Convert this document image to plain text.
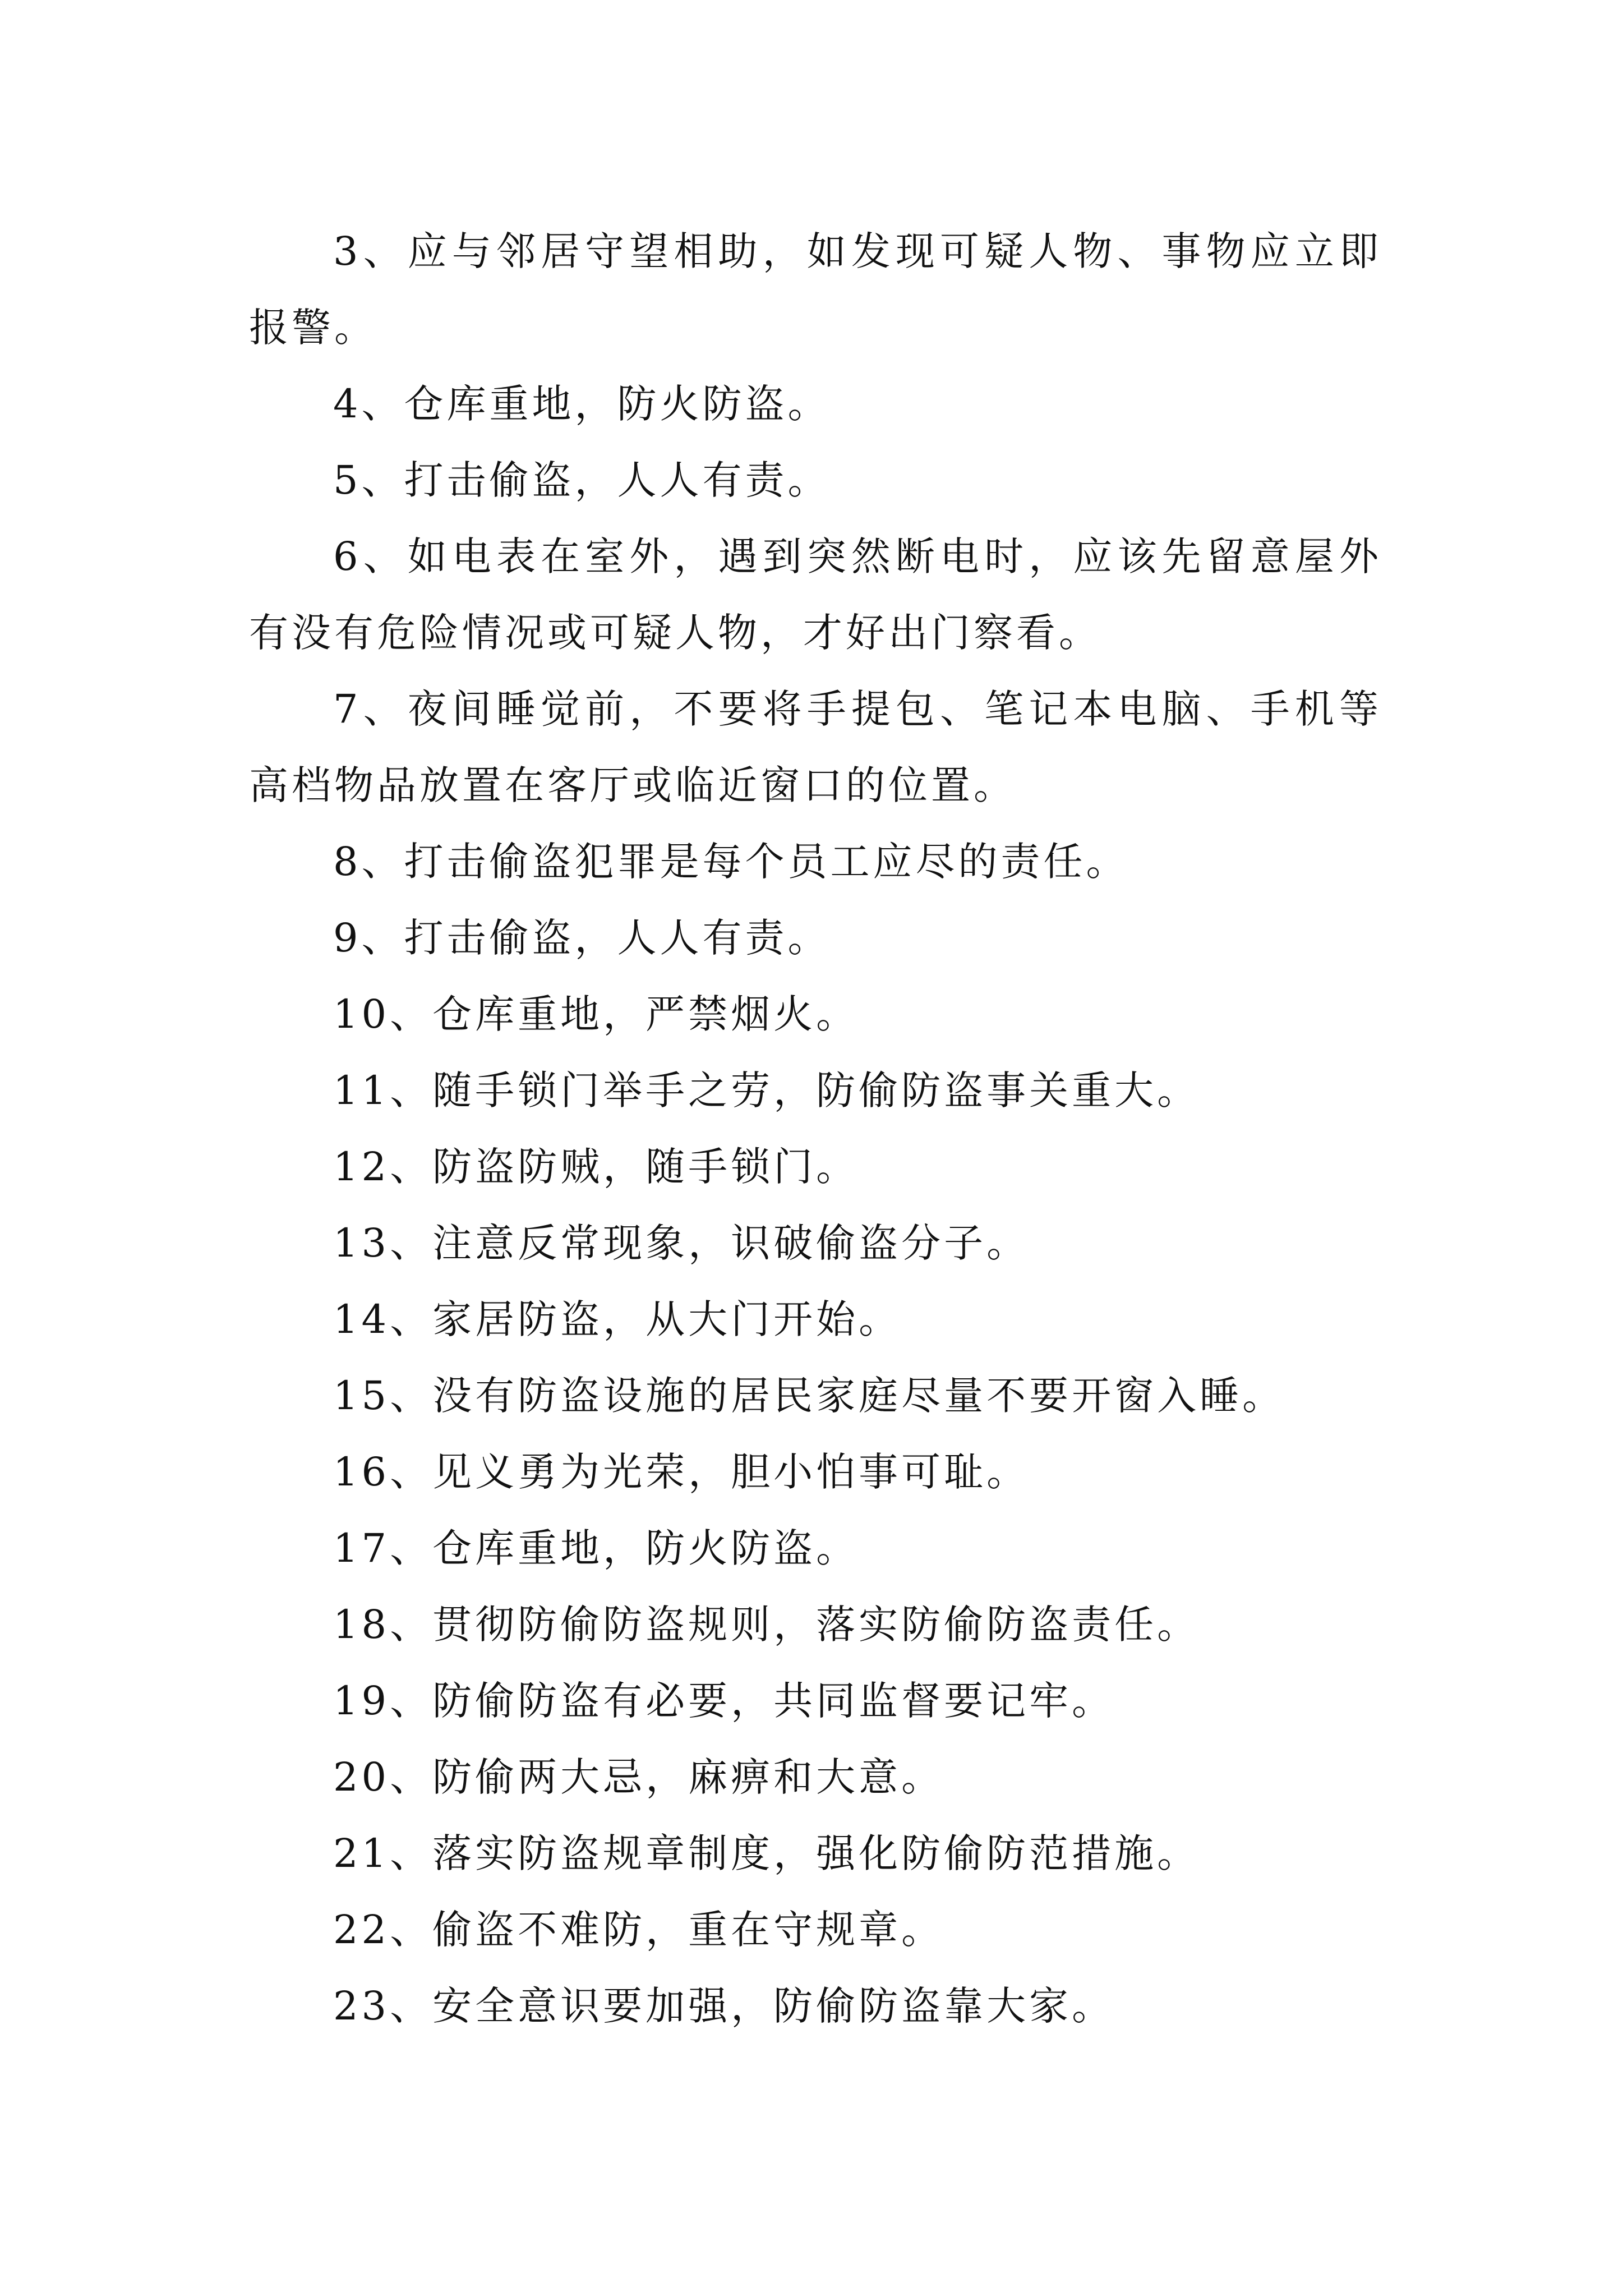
3、应与邻居守望相助，如发现可疑人物、事物应立即报警。

4、仓库重地，防火防盗。

5、打击偷盗，人人有责。

6、如电表在室外，遇到突然断电时，应该先留意屋外有没有危险情况或可疑人物，才好出门察看。

7、夜间睡觉前，不要将手提包、笔记本电脑、手机等高档物品放置在客厅或临近窗口的位置。

8、打击偷盗犯罪是每个员工应尽的责任。

9、打击偷盗，人人有责。

10、仓库重地，严禁烟火。

11、随手锁门举手之劳，防偷防盗事关重大。

12、防盗防贼，随手锁门。

13、注意反常现象，识破偷盗分子。

14、家居防盗，从大门开始。

15、没有防盗设施的居民家庭尽量不要开窗入睡。

16、见义勇为光荣，胆小怕事可耻。

17、仓库重地，防火防盗。

18、贯彻防偷防盗规则，落实防偷防盗责任。

19、防偷防盗有必要，共同监督要记牢。

20、防偷两大忌，麻痹和大意。

21、落实防盗规章制度，强化防偷防范措施。

22、偷盗不难防，重在守规章。

23、安全意识要加强，防偷防盗靠大家。
